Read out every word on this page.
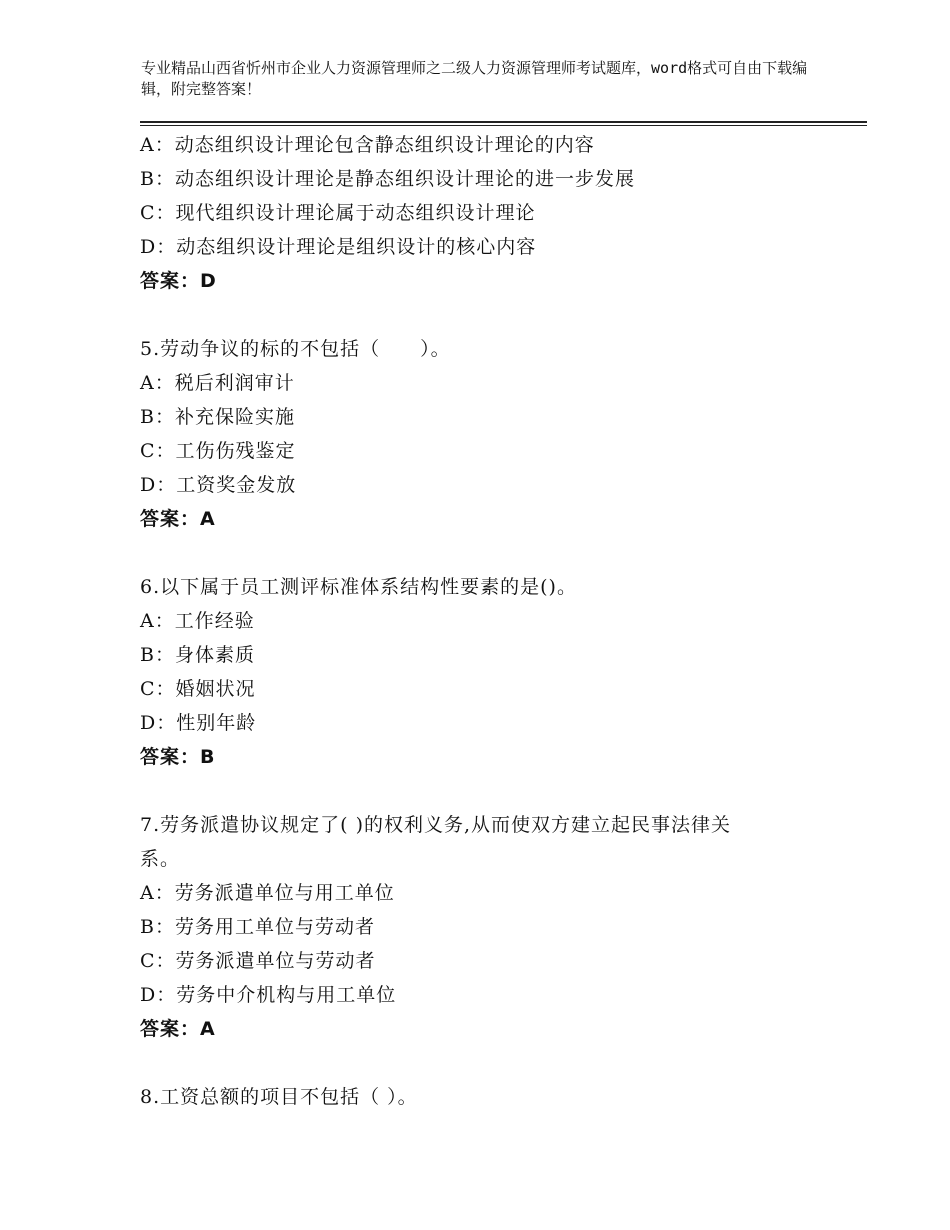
专业精品山西省忻州市企业人力资源管理师之二级人力资源管理师考试题库，word格式可自由下载编辑，附完整答案！
A：动态组织设计理论包含静态组织设计理论的内容
B：动态组织设计理论是静态组织设计理论的进一步发展
C：现代组织设计理论属于动态组织设计理论
D：动态组织设计理论是组织设计的核心内容
答案：D
5.劳动争议的标的不包括（　　）。
A：税后利润审计
B：补充保险实施
C：工伤伤残鉴定
D：工资奖金发放
答案：A
6.以下属于员工测评标准体系结构性要素的是()。
A：工作经验
B：身体素质
C：婚姻状况
D：性别年龄
答案：B
7.劳务派遣协议规定了( )的权利义务,从而使双方建立起民事法律关
系。
A：劳务派遣单位与用工单位
B：劳务用工单位与劳动者
C：劳务派遣单位与劳动者
D：劳务中介机构与用工单位
答案：A
8.工资总额的项目不包括（ ）。
